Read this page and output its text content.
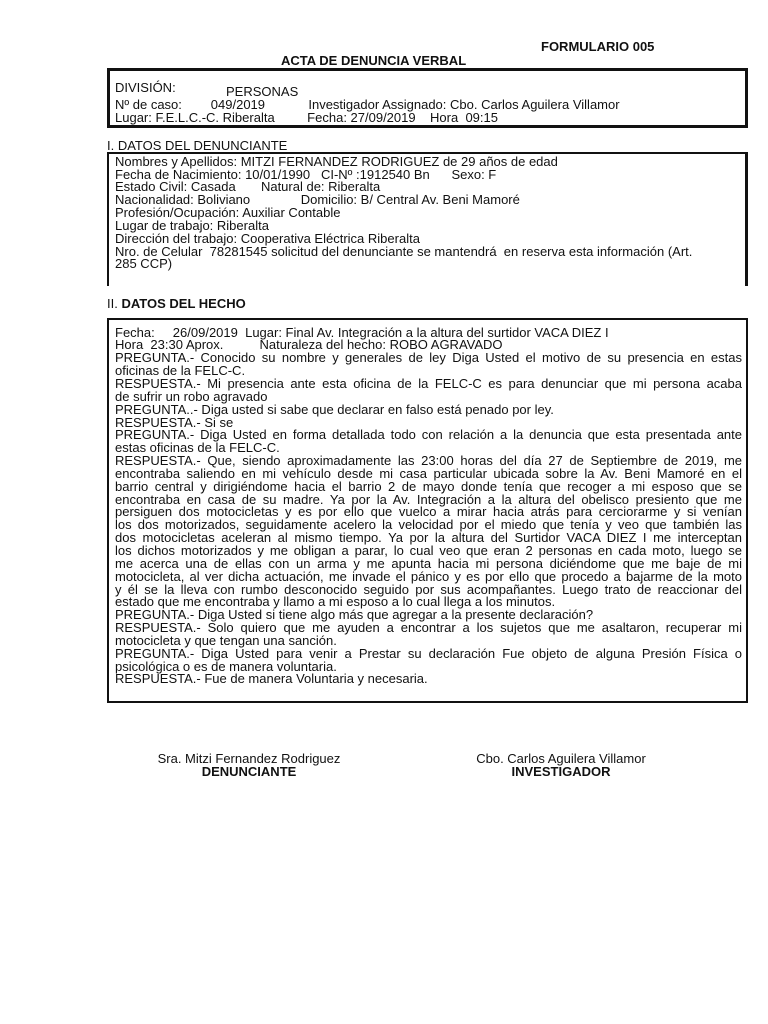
FORMULARIO 005
ACTA DE DENUNCIA VERBAL
DIVISIÓN:	PERSONAS
Nº de caso:        049/2019            Investigador Assignado: Cbo. Carlos Aguilera Villamor
Lugar: F.E.L.C.-C. Riberalta         Fecha: 27/09/2019    Hora  09:15
I. DATOS DEL DENUNCIANTE
Nombres y Apellidos: MITZI FERNANDEZ RODRIGUEZ de 29 años de edad
Fecha de Nacimiento: 10/01/1990   CI-Nº :1912540 Bn      Sexo: F
Estado Civil: Casada       Natural de: Riberalta
Nacionalidad: Boliviano              Domicilio: B/ Central Av. Beni Mamoré
Profesión/Ocupación: Auxiliar Contable
Lugar de trabajo: Riberalta
Dirección del trabajo: Cooperativa Eléctrica Riberalta
Nro. de Celular  78281545 solicitud del denunciante se mantendrá  en reserva esta información (Art.
285 CCP)
II. DATOS DEL HECHO
Fecha:     26/09/2019  Lugar: Final Av. Integración a la altura del surtidor VACA DIEZ I
Hora  23:30 Aprox.          Naturaleza del hecho: ROBO AGRAVADO
PREGUNTA.- Conocido su nombre y generales de ley Diga Usted el motivo de su presencia en estas
oficinas de la FELC-C.
RESPUESTA.- Mi presencia ante esta oficina de la FELC-C es para denunciar que mi persona acaba
de sufrir un robo agravado
PREGUNTA..- Diga usted si sabe que declarar en falso está penado por ley.
RESPUESTA.- Si se
PREGUNTA.- Diga Usted en forma detallada todo con relación a la denuncia que esta presentada ante
estas oficinas de la FELC-C.
RESPUESTA.- Que, siendo aproximadamente las 23:00 horas del día 27 de Septiembre de 2019, me
encontraba saliendo en mi vehículo desde mi casa particular ubicada sobre la Av. Beni Mamoré en el
barrio central y dirigiéndome hacia el barrio 2 de mayo donde tenía que recoger a mi esposo que se
encontraba en casa de su madre. Ya por la Av. Integración a la altura del obelisco presiento que me
persiguen dos motocicletas y es por ello que vuelco a mirar hacia atrás para cerciorarme y si venían
los dos motorizados, seguidamente acelero la velocidad por el miedo que tenía y veo que también las
dos motocicletas aceleran al mismo tiempo. Ya por la altura del Surtidor VACA DIEZ I me interceptan
los dichos motorizados y me obligan a parar, lo cual veo que eran 2 personas en cada moto, luego se
me acerca una de ellas con un arma y me apunta hacia mi persona diciéndome que me baje de mi
motocicleta, al ver dicha actuación, me invade el pánico y es por ello que procedo a bajarme de la moto
y él se la lleva con rumbo desconocido seguido por sus acompañantes. Luego trato de reaccionar del
estado que me encontraba y llamo a mi esposo a lo cual llega a los minutos.
PREGUNTA.- Diga Usted si tiene algo más que agregar a la presente declaración?
RESPUESTA.- Solo quiero que me ayuden a encontrar a los sujetos que me asaltaron, recuperar mi
motocicleta y que tengan una sanción.
PREGUNTA.- Diga Usted para venir a Prestar su declaración Fue objeto de alguna Presión Física o
psicológica o es de manera voluntaria.
RESPUESTA.- Fue de manera Voluntaria y necesaria.
Sra. Mitzi Fernandez Rodriguez
DENUNCIANTE
Cbo. Carlos Aguilera Villamor
INVESTIGADOR
